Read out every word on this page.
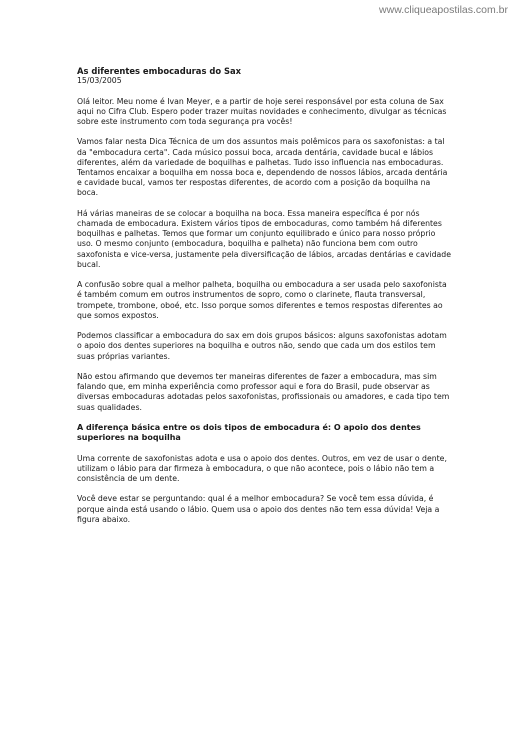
www.cliqueapostilas.com.br
As diferentes embocaduras do Sax
15/03/2005

Olá leitor. Meu nome é Ivan Meyer, e a partir de hoje serei responsável por esta coluna de Sax aqui no Cifra Club. Espero poder trazer muitas novidades e conhecimento, divulgar as técnicas sobre este instrumento com toda segurança pra vocês!

Vamos falar nesta Dica Técnica de um dos assuntos mais polêmicos para os saxofonistas: a tal da "embocadura certa". Cada músico possui boca, arcada dentária, cavidade bucal e lábios diferentes, além da variedade de boquilhas e palhetas. Tudo isso influencia nas embocaduras. Tentamos encaixar a boquilha em nossa boca e, dependendo de nossos lábios, arcada dentária e cavidade bucal, vamos ter respostas diferentes, de acordo com a posição da boquilha na boca.

Há várias maneiras de se colocar a boquilha na boca. Essa maneira específica é por nós chamada de embocadura. Existem vários tipos de embocaduras, como também há diferentes boquilhas e palhetas. Temos que formar um conjunto equilibrado e único para nosso próprio uso. O mesmo conjunto (embocadura, boquilha e palheta) não funciona bem com outro saxofonista e vice-versa, justamente pela diversificação de lábios, arcadas dentárias e cavidade bucal.

A confusão sobre qual a melhor palheta, boquilha ou embocadura a ser usada pelo saxofonista é também comum em outros instrumentos de sopro, como o clarinete, flauta transversal, trompete, trombone, oboé, etc. Isso porque somos diferentes e temos respostas diferentes ao que somos expostos.

Podemos classificar a embocadura do sax em dois grupos básicos: alguns saxofonistas adotam o apoio dos dentes superiores na boquilha e outros não, sendo que cada um dos estilos tem suas próprias variantes.

Não estou afirmando que devemos ter maneiras diferentes de fazer a embocadura, mas sim falando que, em minha experiência como professor aqui e fora do Brasil, pude observar as diversas embocaduras adotadas pelos saxofonistas, profissionais ou amadores, e cada tipo tem suas qualidades.

A diferença básica entre os dois tipos de embocadura é: O apoio dos dentes superiores na boquilha

Uma corrente de saxofonistas adota e usa o apoio dos dentes. Outros, em vez de usar o dente, utilizam o lábio para dar firmeza à embocadura, o que não acontece, pois o lábio não tem a consistência de um dente.

Você deve estar se perguntando: qual é a melhor embocadura? Se você tem essa dúvida, é porque ainda está usando o lábio. Quem usa o apoio dos dentes não tem essa dúvida! Veja a figura abaixo.
